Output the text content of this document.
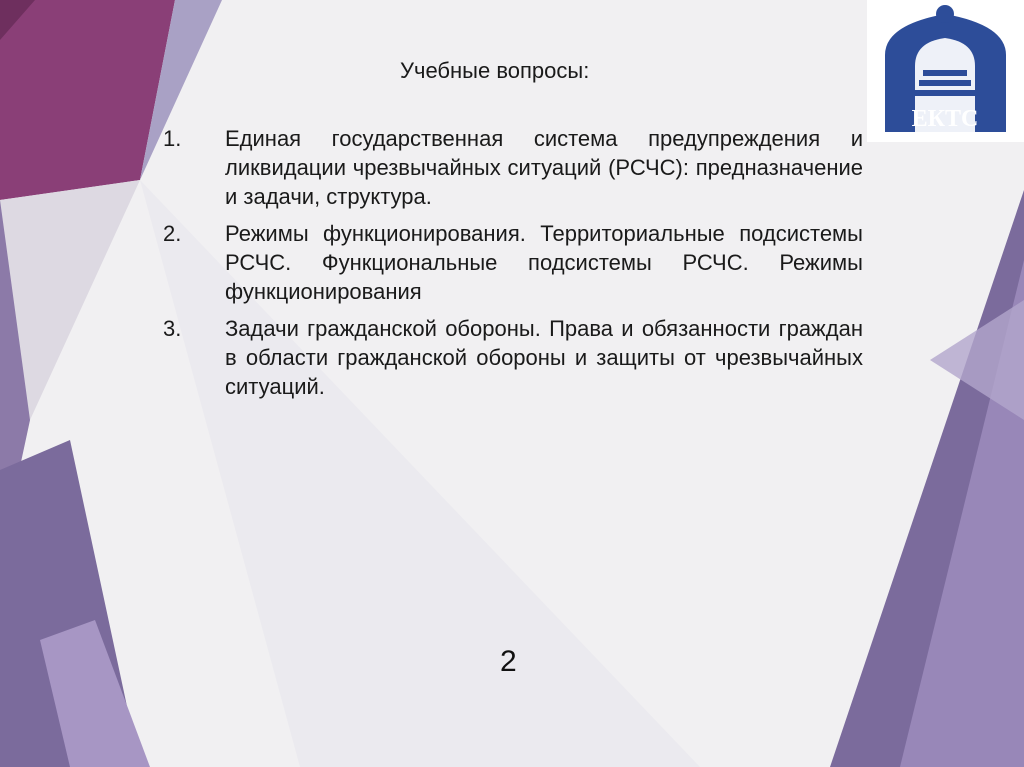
ЕКТС
Учебные вопросы:
1.	Единая государственная система предупреждения и ликвидации чрезвычайных ситуаций (РСЧС): предназначение и задачи, структура.
2.	Режимы функционирования. Территориальные подсистемы РСЧС. Функциональные подсистемы РСЧС. Режимы функционирования
3.	Задачи гражданской обороны. Права и обязанности граждан в области гражданской обороны и защиты от чрезвычайных ситуаций.
2
